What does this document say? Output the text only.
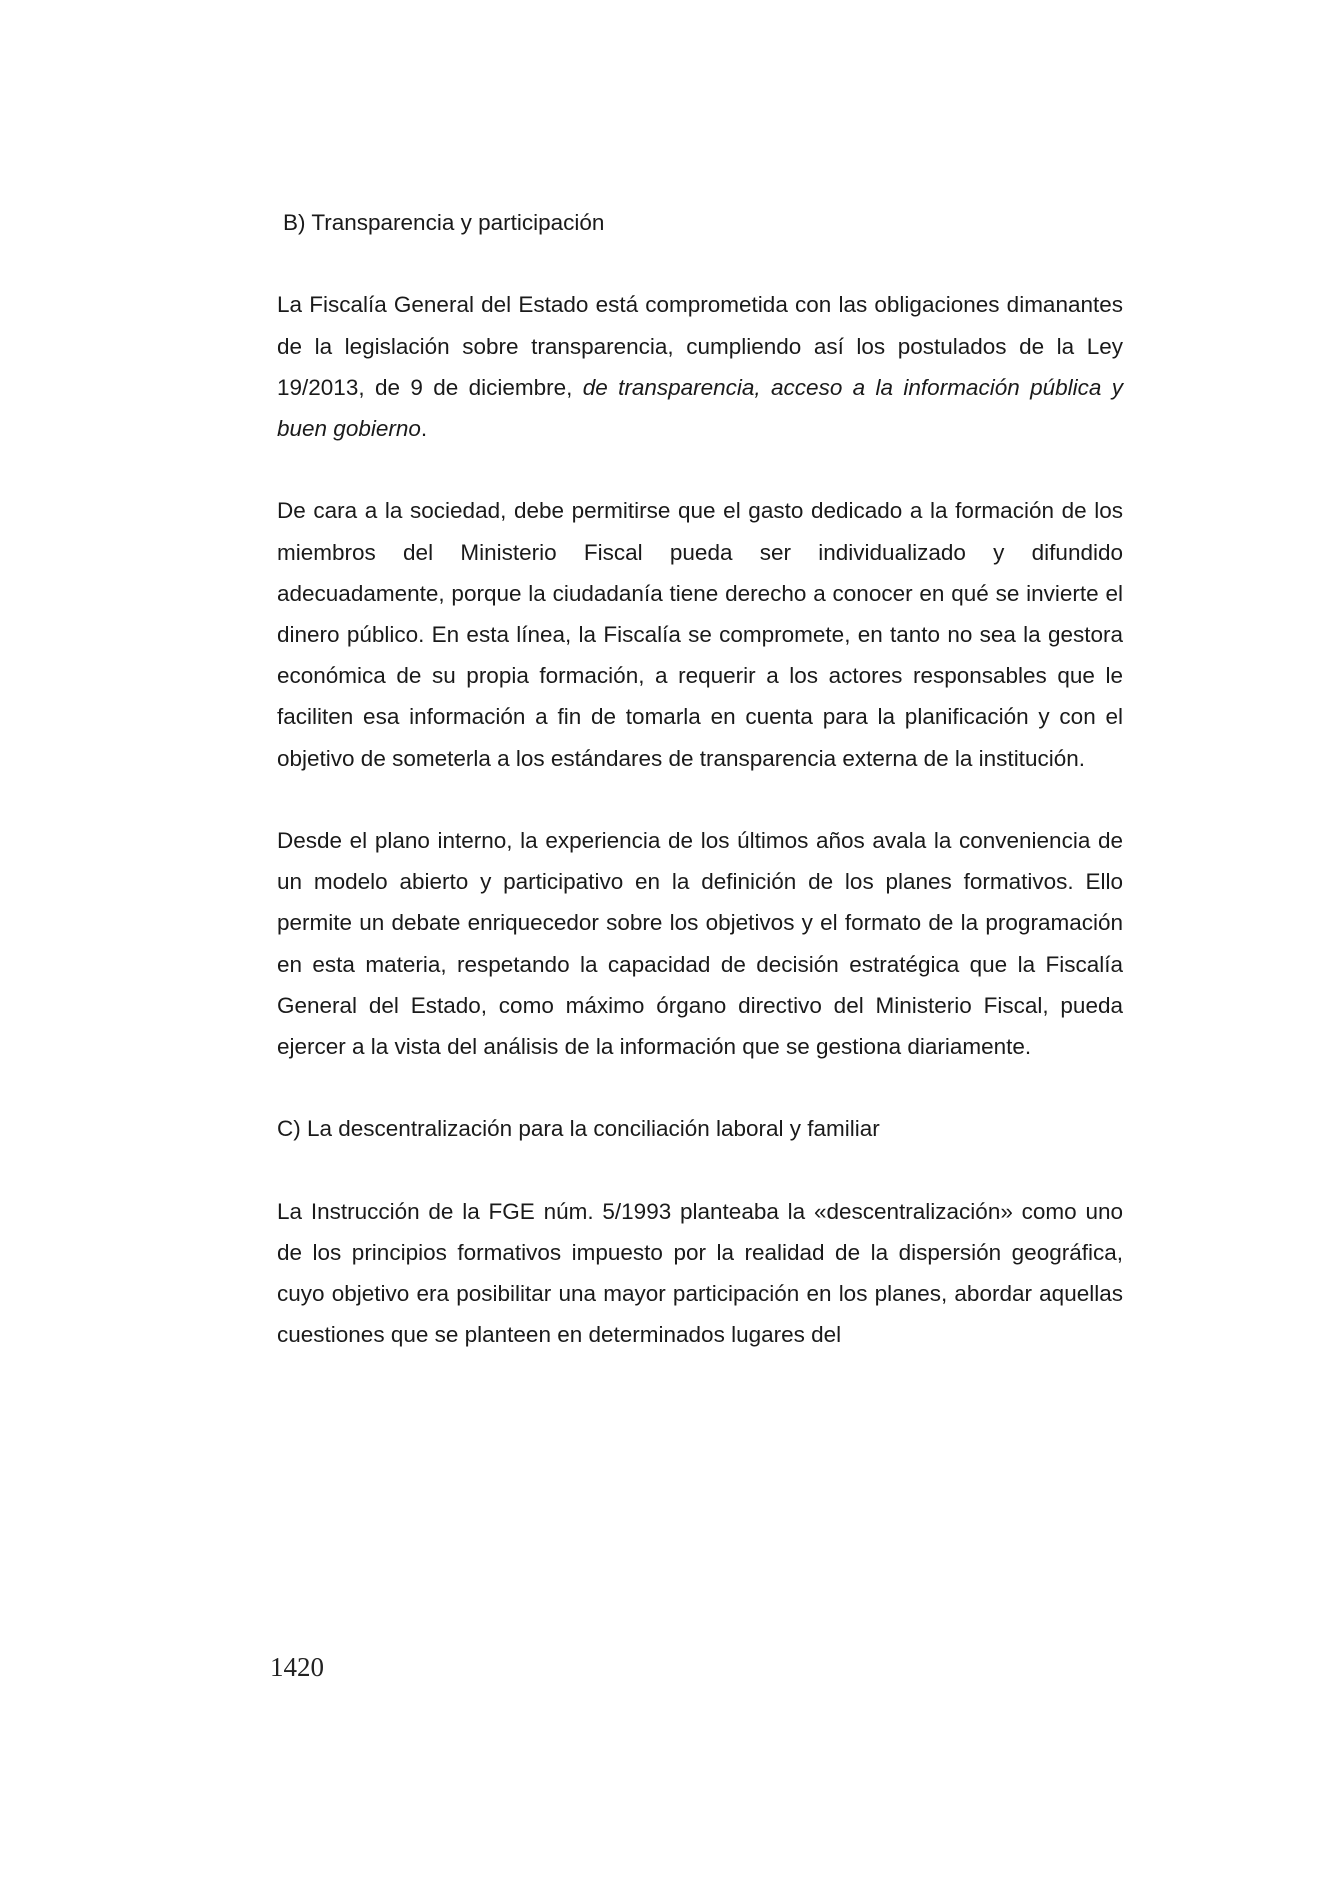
B) Transparencia y participación

La Fiscalía General del Estado está comprometida con las obligaciones dimanantes de la legislación sobre transparencia, cumpliendo así los postulados de la Ley 19/2013, de 9 de diciembre, de transparencia, acceso a la información pública y buen gobierno.

De cara a la sociedad, debe permitirse que el gasto dedicado a la formación de los miembros del Ministerio Fiscal pueda ser individualizado y difundido adecuadamente, porque la ciudadanía tiene derecho a conocer en qué se invierte el dinero público. En esta línea, la Fiscalía se compromete, en tanto no sea la gestora económica de su propia formación, a requerir a los actores responsables que le faciliten esa información a fin de tomarla en cuenta para la planificación y con el objetivo de someterla a los estándares de transparencia externa de la institución.

Desde el plano interno, la experiencia de los últimos años avala la conveniencia de un modelo abierto y participativo en la definición de los planes formativos. Ello permite un debate enriquecedor sobre los objetivos y el formato de la programación en esta materia, respetando la capacidad de decisión estratégica que la Fiscalía General del Estado, como máximo órgano directivo del Ministerio Fiscal, pueda ejercer a la vista del análisis de la información que se gestiona diariamente.

C) La descentralización para la conciliación laboral y familiar

La Instrucción de la FGE núm. 5/1993 planteaba la «descentralización» como uno de los principios formativos impuesto por la realidad de la dispersión geográfica, cuyo objetivo era posibilitar una mayor participación en los planes, abordar aquellas cuestiones que se planteen en determinados lugares del

1420
